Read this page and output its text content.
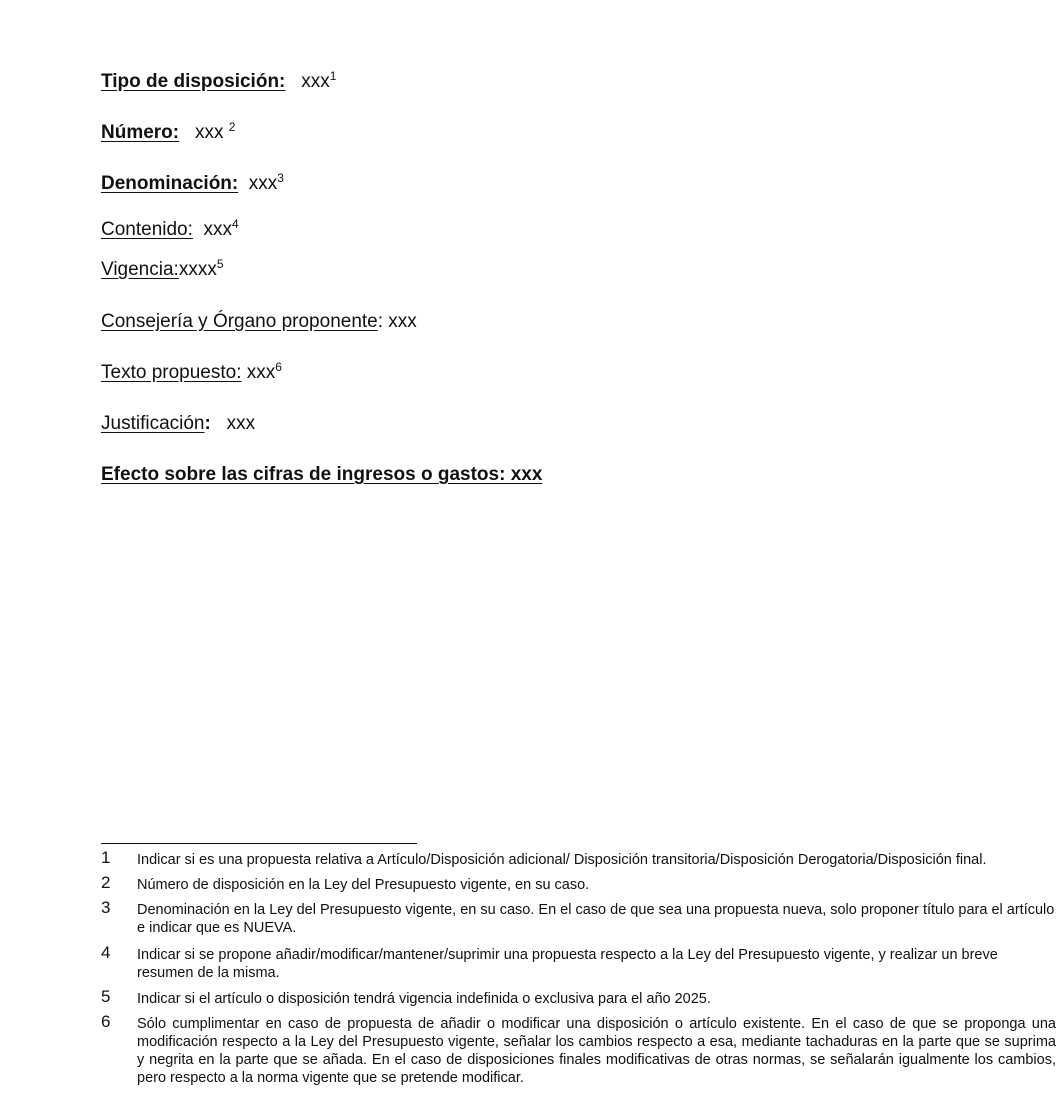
Tipo de disposición: xxx$^1$
Número: xxx $^2$
Denominación: xxx$^3$
Contenido: xxx$^4$
Vigencia:xxxx$^5$
Consejería y Órgano proponente: xxx
Texto propuesto: xxx$^6$
Justificación: xxx
Efecto sobre las cifras de ingresos o gastos: xxx
1 Indicar si es una propuesta relativa a Artículo/Disposición adicional/ Disposición transitoria/Disposición Derogatoria/Disposición final.
2 Número de disposición en la Ley del Presupuesto vigente, en su caso.
3 Denominación en la Ley del Presupuesto vigente, en su caso. En el caso de que sea una propuesta nueva, solo proponer título para el artículo e indicar que es NUEVA.
4 Indicar si se propone añadir/modificar/mantener/suprimir una propuesta respecto a la Ley del Presupuesto vigente, y realizar un breve resumen de la misma.
5 Indicar si el artículo o disposición tendrá vigencia indefinida o exclusiva para el año 2025.
6 Sólo cumplimentar en caso de propuesta de añadir o modificar una disposición o artículo existente. En el caso de que se proponga una modificación respecto a la Ley del Presupuesto vigente, señalar los cambios respecto a esa, mediante tachaduras en la parte que se suprima y negrita en la parte que se añada. En el caso de disposiciones finales modificativas de otras normas, se señalarán igualmente los cambios, pero respecto a la norma vigente que se pretende modificar.
